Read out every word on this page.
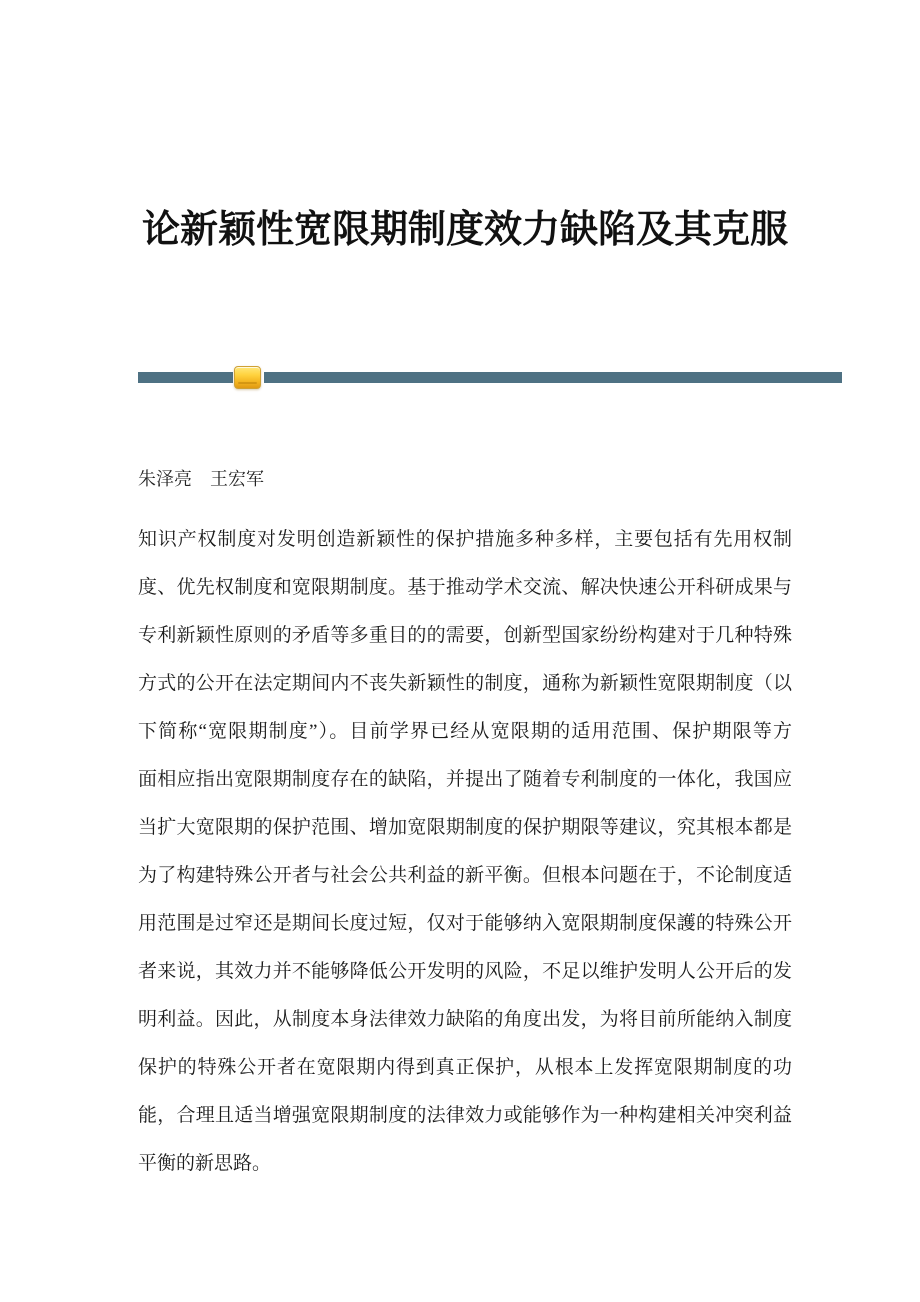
论新颖性宽限期制度效力缺陷及其克服
朱泽亮　王宏军
知识产权制度对发明创造新颖性的保护措施多种多样，主要包括有先用权制
度、优先权制度和宽限期制度。基于推动学术交流、解决快速公开科研成果与
专利新颖性原则的矛盾等多重目的的需要，创新型国家纷纷构建对于几种特殊
方式的公开在法定期间内不丧失新颖性的制度，通称为新颖性宽限期制度（以
下简称“宽限期制度”）。目前学界已经从宽限期的适用范围、保护期限等方
面相应指出宽限期制度存在的缺陷，并提出了随着专利制度的一体化，我国应
当扩大宽限期的保护范围、增加宽限期制度的保护期限等建议，究其根本都是
为了构建特殊公开者与社会公共利益的新平衡。但根本问题在于，不论制度适
用范围是过窄还是期间长度过短，仅对于能够纳入宽限期制度保護的特殊公开
者来说，其效力并不能够降低公开发明的风险，不足以维护发明人公开后的发
明利益。因此，从制度本身法律效力缺陷的角度出发，为将目前所能纳入制度
保护的特殊公开者在宽限期内得到真正保护，从根本上发挥宽限期制度的功
能，合理且适当增强宽限期制度的法律效力或能够作为一种构建相关冲突利益
平衡的新思路。
